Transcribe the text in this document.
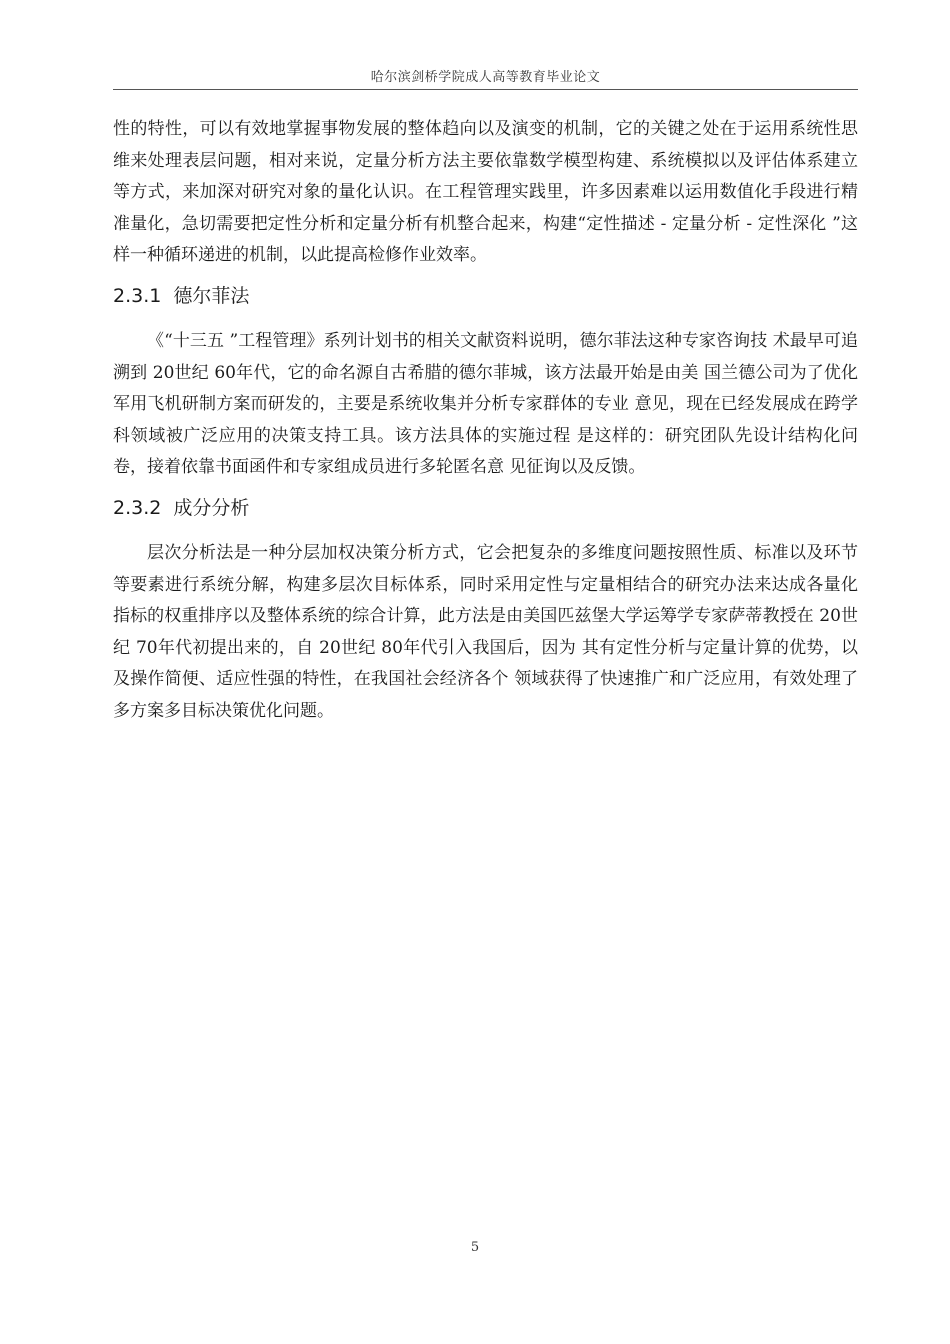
哈尔滨剑桥学院成人高等教育毕业论文

性的特性，可以有效地掌握事物发展的整体趋向以及演变的机制，它的关键之处在于运用系统性思维来处理表层问题，相对来说，定量分析方法主要依靠数学模型构建、系统模拟以及评估体系建立等方式，来加深对研究对象的量化认识。在工程管理实践里，许多因素难以运用数值化手段进行精准量化，急切需要把定性分析和定量分析有机整合起来，构建“定性描述 - 定量分析 - 定性深化 ”这样一种循环递进的机制，以此提高检修作业效率。

2.3.1 德尔菲法

《“十三五 ”工程管理》系列计划书的相关文献资料说明，德尔菲法这种专家咨询技 术最早可追溯到 20世纪 60年代，它的命名源自古希腊的德尔菲城，该方法最开始是由美 国兰德公司为了优化军用飞机研制方案而研发的，主要是系统收集并分析专家群体的专业 意见，现在已经发展成在跨学科领域被广泛应用的决策支持工具。该方法具体的实施过程 是这样的：研究团队先设计结构化问卷，接着依靠书面函件和专家组成员进行多轮匿名意 见征询以及反馈。

2.3.2 成分分析

层次分析法是一种分层加权决策分析方式，它会把复杂的多维度问题按照性质、标准以及环节等要素进行系统分解，构建多层次目标体系，同时采用定性与定量相结合的研究办法来达成各量化指标的权重排序以及整体系统的综合计算，此方法是由美国匹兹堡大学运筹学专家萨蒂教授在 20世纪 70年代初提出来的，自 20世纪 80年代引入我国后，因为 其有定性分析与定量计算的优势，以及操作简便、适应性强的特性，在我国社会经济各个 领域获得了快速推广和广泛应用，有效处理了多方案多目标决策优化问题。

5
